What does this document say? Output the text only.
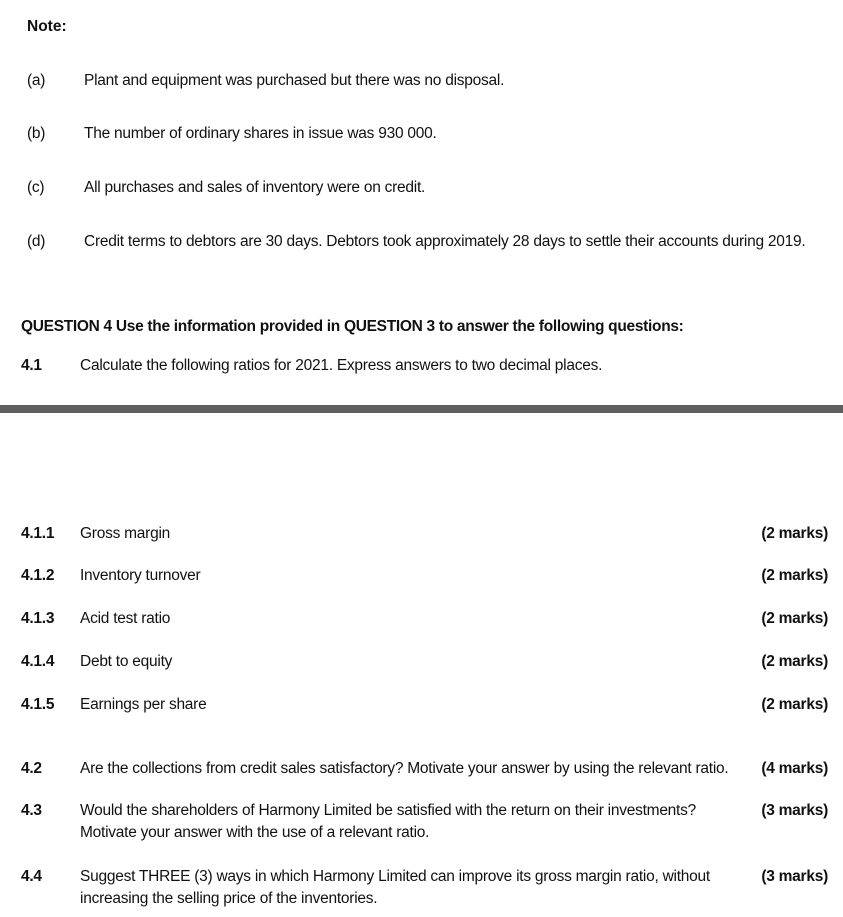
Note:
(a)	Plant and equipment was purchased but there was no disposal.
(b)	The number of ordinary shares in issue was 930 000.
(c)	All purchases and sales of inventory were on credit.
(d)	Credit terms to debtors are 30 days. Debtors took approximately 28 days to settle their accounts during 2019.
QUESTION 4 Use the information provided in QUESTION 3 to answer the following questions:
4.1 Calculate the following ratios for 2021. Express answers to two decimal places.
4.1.1 Gross margin	(2 marks)
4.1.2 Inventory turnover	(2 marks)
4.1.3 Acid test ratio	(2 marks)
4.1.4 Debt to equity	(2 marks)
4.1.5 Earnings per share	(2 marks)
4.2 Are the collections from credit sales satisfactory? Motivate your answer by using the relevant ratio. (4 marks)
4.3 Would the shareholders of Harmony Limited be satisfied with the return on their investments?
Motivate your answer with the use of a relevant ratio.
(3 marks)
4.4 Suggest THREE (3) ways in which Harmony Limited can improve its gross margin ratio, without
increasing the selling price of the inventories.
(3 marks)
